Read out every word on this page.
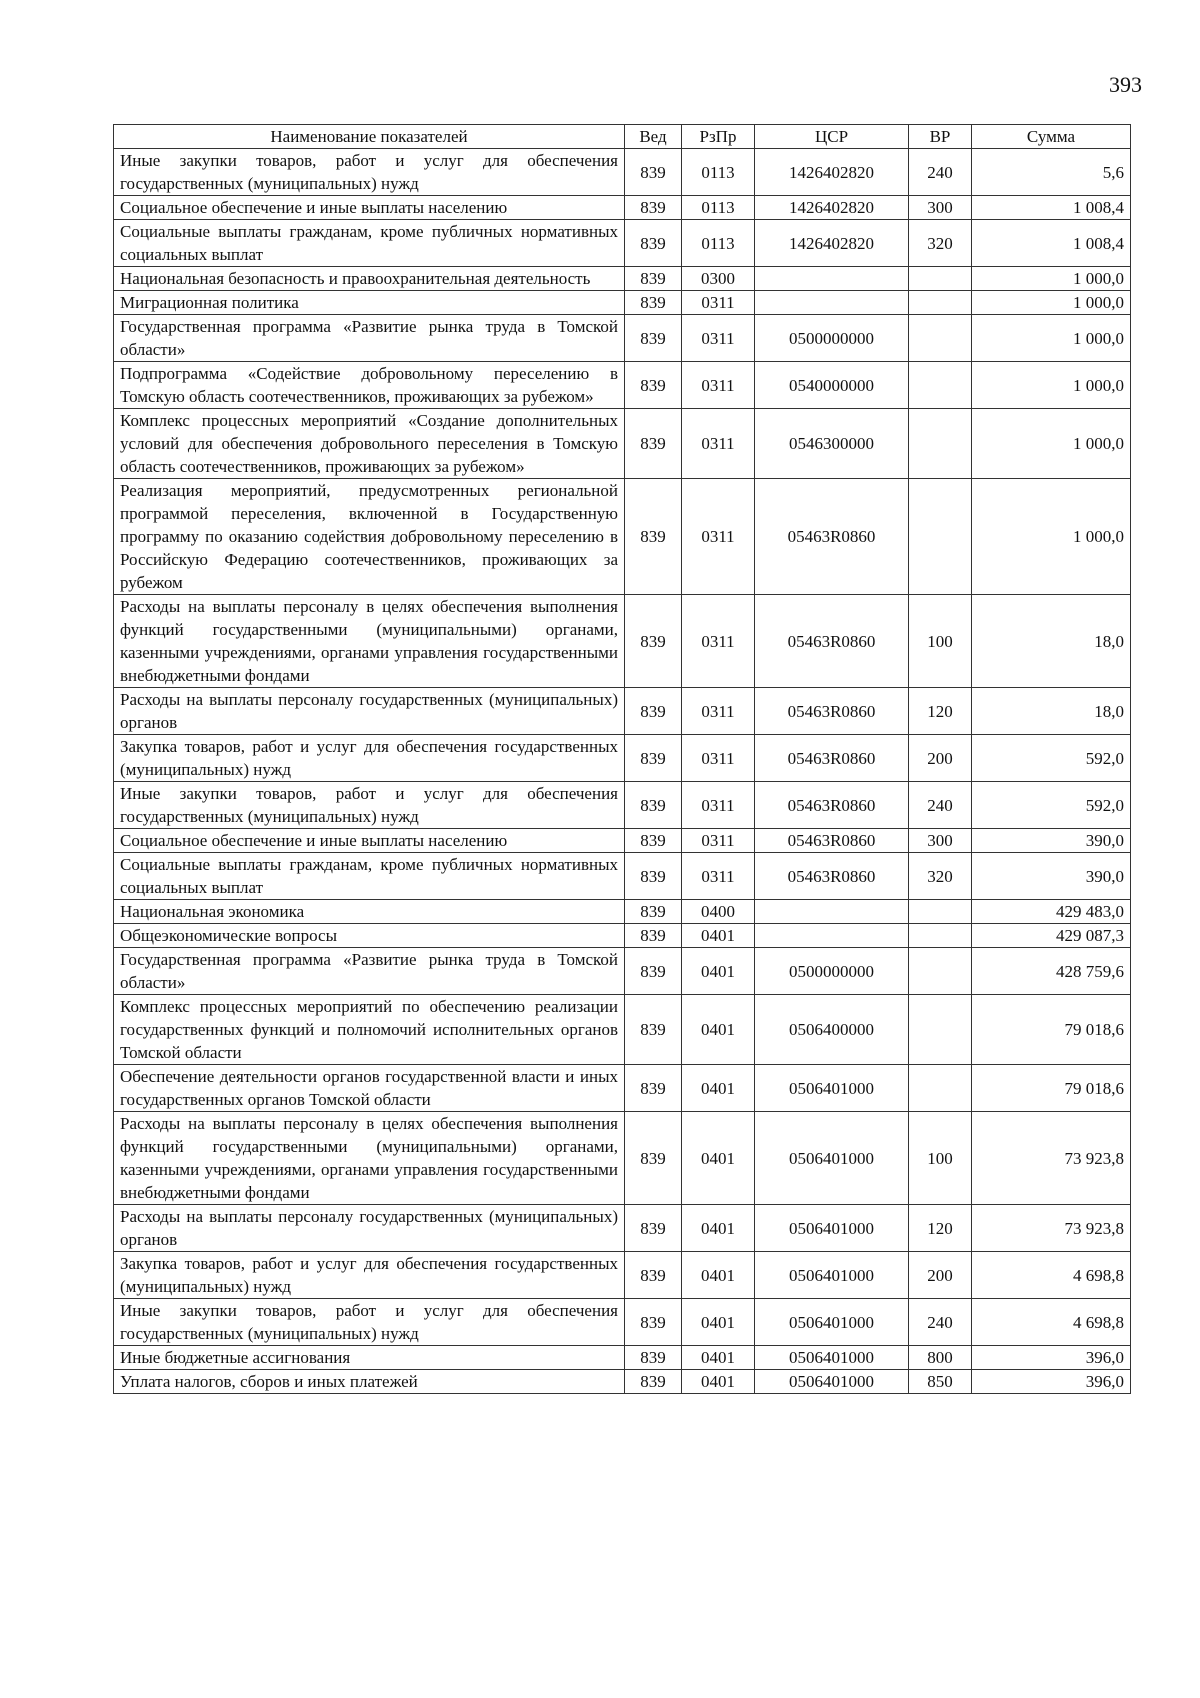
393
Наименование показателей	Вед	РзПр	ЦСР	ВР	Сумма
Иные закупки товаров, работ и услуг для обеспечения государственных (муниципальных) нужд	839	0113	1426402820	240	5,6
Социальное обеспечение и иные выплаты населению	839	0113	1426402820	300	1 008,4
Социальные выплаты гражданам, кроме публичных нормативных социальных выплат	839	0113	1426402820	320	1 008,4
Национальная безопасность и правоохранительная деятельность	839	0300			1 000,0
Миграционная политика	839	0311			1 000,0
Государственная программа «Развитие рынка труда в Томской области»	839	0311	0500000000		1 000,0
Подпрограмма «Содействие добровольному переселению в Томскую область соотечественников, проживающих за рубежом»	839	0311	0540000000		1 000,0
Комплекс процессных мероприятий «Создание дополнительных условий для обеспечения добровольного переселения в Томскую область соотечественников, проживающих за рубежом»	839	0311	0546300000		1 000,0
Реализация мероприятий, предусмотренных региональной программой переселения, включенной в Государственную программу по оказанию содействия добровольному переселению в Российскую Федерацию соотечественников, проживающих за рубежом	839	0311	05463R0860		1 000,0
Расходы на выплаты персоналу в целях обеспечения выполнения функций государственными (муниципальными) органами, казенными учреждениями, органами управления государственными внебюджетными фондами	839	0311	05463R0860	100	18,0
Расходы на выплаты персоналу государственных (муниципальных) органов	839	0311	05463R0860	120	18,0
Закупка товаров, работ и услуг для обеспечения государственных (муниципальных) нужд	839	0311	05463R0860	200	592,0
Иные закупки товаров, работ и услуг для обеспечения государственных (муниципальных) нужд	839	0311	05463R0860	240	592,0
Социальное обеспечение и иные выплаты населению	839	0311	05463R0860	300	390,0
Социальные выплаты гражданам, кроме публичных нормативных социальных выплат	839	0311	05463R0860	320	390,0
Национальная экономика	839	0400			429 483,0
Общеэкономические вопросы	839	0401			429 087,3
Государственная программа «Развитие рынка труда в Томской области»	839	0401	0500000000		428 759,6
Комплекс процессных мероприятий по обеспечению реализации государственных функций и полномочий исполнительных органов Томской области	839	0401	0506400000		79 018,6
Обеспечение деятельности органов государственной власти и иных государственных органов Томской области	839	0401	0506401000		79 018,6
Расходы на выплаты персоналу в целях обеспечения выполнения функций государственными (муниципальными) органами, казенными учреждениями, органами управления государственными внебюджетными фондами	839	0401	0506401000	100	73 923,8
Расходы на выплаты персоналу государственных (муниципальных) органов	839	0401	0506401000	120	73 923,8
Закупка товаров, работ и услуг для обеспечения государственных (муниципальных) нужд	839	0401	0506401000	200	4 698,8
Иные закупки товаров, работ и услуг для обеспечения государственных (муниципальных) нужд	839	0401	0506401000	240	4 698,8
Иные бюджетные ассигнования	839	0401	0506401000	800	396,0
Уплата налогов, сборов и иных платежей	839	0401	0506401000	850	396,0
